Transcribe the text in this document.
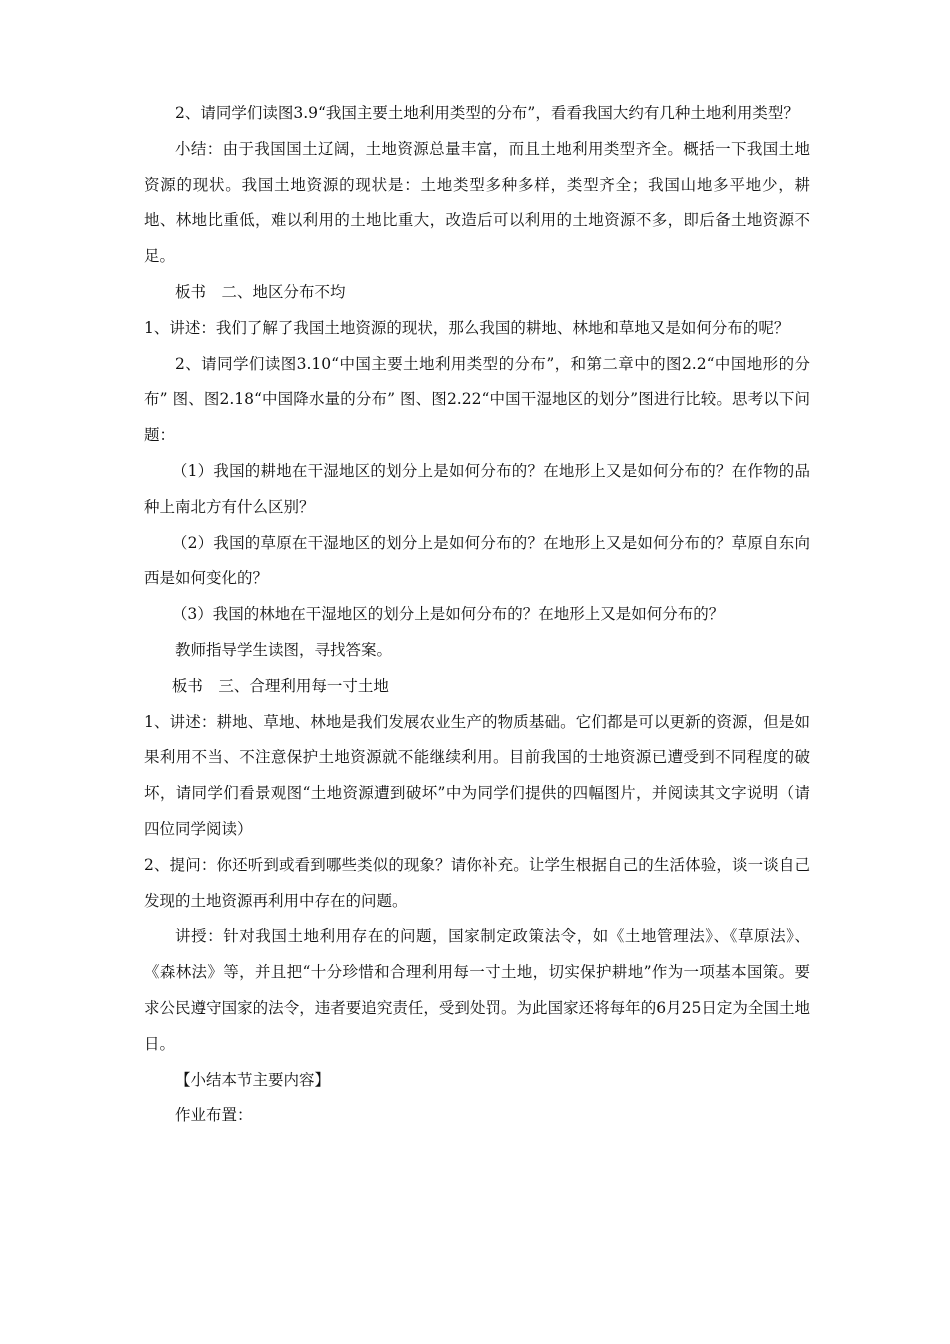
2、请同学们读图3.9“我国主要土地利用类型的分布”，看看我国大约有几种土地利用类型？

小结：由于我国国土辽阔，土地资源总量丰富，而且土地利用类型齐全。概括一下我国土地资源的现状。我国土地资源的现状是：土地类型多种多样，类型齐全；我国山地多平地少，耕地、林地比重低，难以利用的土地比重大，改造后可以利用的土地资源不多，即后备土地资源不足。

板书　二、地区分布不均

1、讲述：我们了解了我国土地资源的现状，那么我国的耕地、林地和草地又是如何分布的呢？

2、请同学们读图3.10“中国主要土地利用类型的分布”，和第二章中的图2.2“中国地形的分布” 图、图2.18“中国降水量的分布” 图、图2.22“中国干湿地区的划分”图进行比较。思考以下问题：

（1）我国的耕地在干湿地区的划分上是如何分布的？在地形上又是如何分布的？在作物的品种上南北方有什么区别？

（2）我国的草原在干湿地区的划分上是如何分布的？在地形上又是如何分布的？草原自东向西是如何变化的？

（3）我国的林地在干湿地区的划分上是如何分布的？在地形上又是如何分布的？

教师指导学生读图，寻找答案。

板书　三、合理利用每一寸土地

1、讲述：耕地、草地、林地是我们发展农业生产的物质基础。它们都是可以更新的资源，但是如果利用不当、不注意保护土地资源就不能继续利用。目前我国的士地资源已遭受到不同程度的破坏，请同学们看景观图“土地资源遭到破坏”中为同学们提供的四幅图片，并阅读其文字说明（请四位同学阅读）

2、提问：你还听到或看到哪些类似的现象？请你补充。让学生根据自己的生活体验，谈一谈自己发现的土地资源再利用中存在的问题。

讲授：针对我国土地利用存在的问题，国家制定政策法令，如《土地管理法》、《草原法》、《森林法》等，并且把“十分珍惜和合理利用每一寸土地，切实保护耕地”作为一项基本国策。要求公民遵守国家的法令，违者要追究责任，受到处罚。为此国家还将每年的6月25日定为全国土地日。

【小结本节主要内容】

作业布置：
